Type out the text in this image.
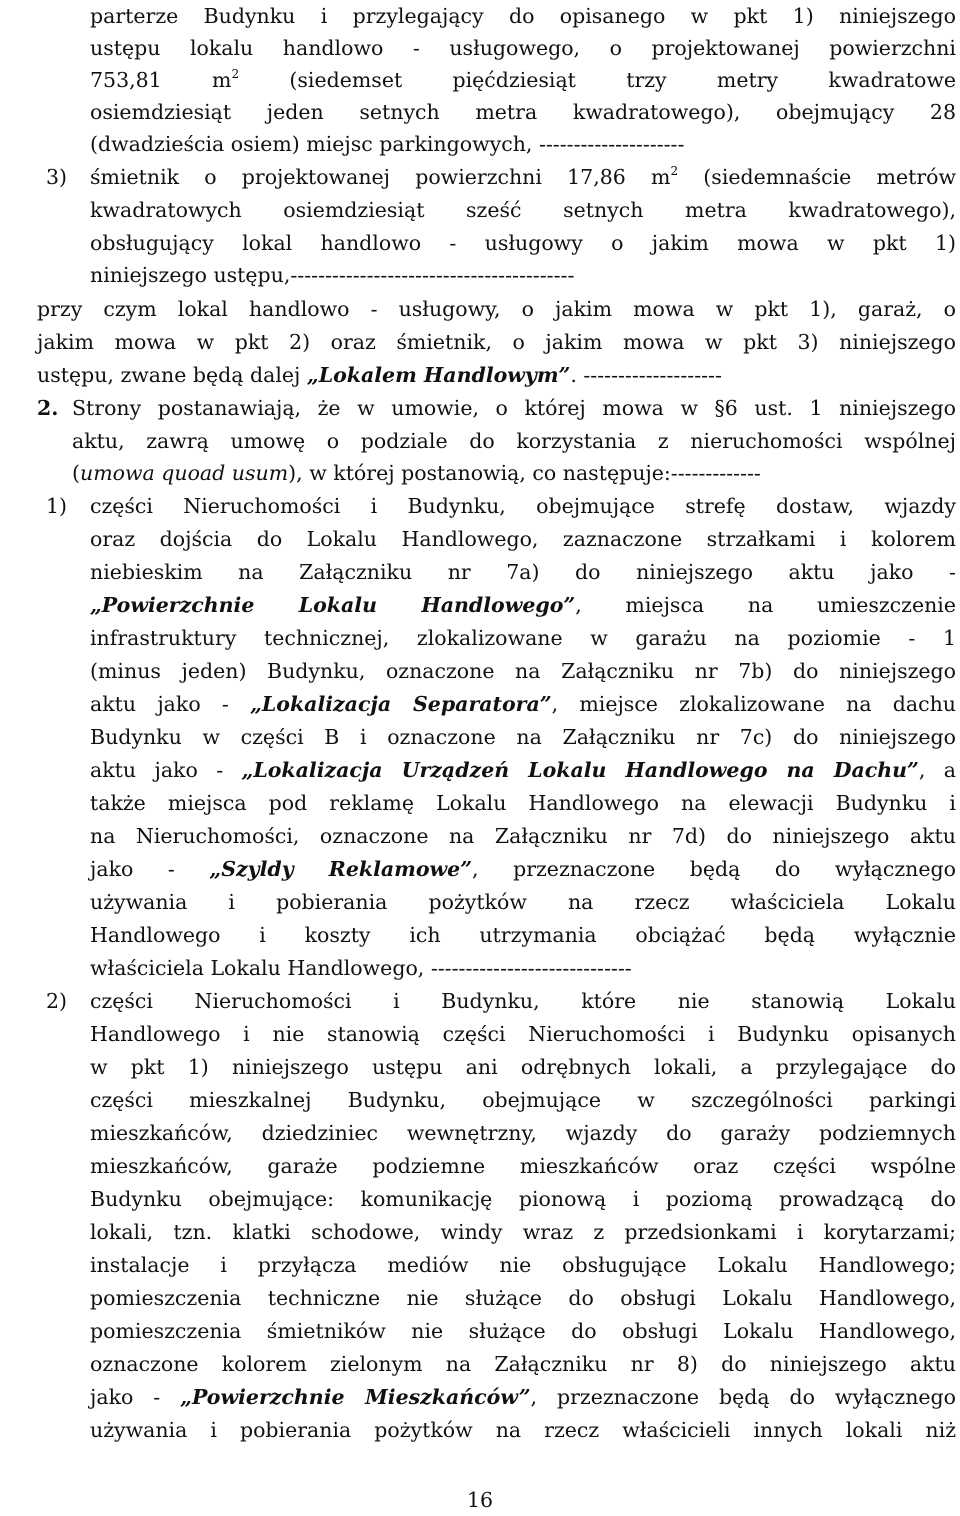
parterze Budynku i przylegający do opisanego w pkt 1) niniejszego
ustępu lokalu handlowo - usługowego, o projektowanej powierzchni
753,81 $m^2$ (siedemset pięćdziesiąt trzy metry kwadratowe
osiemdziesiąt jeden setnych metra kwadratowego), obejmujący 28
(dwadzieścia osiem) miejsc parkingowych, ---------------------
3) śmietnik o projektowanej powierzchni 17,86 $m^2$ (siedemnaście metrów
kwadratowych osiemdziesiąt sześć setnych metra kwadratowego),
obsługujący lokal handlowo - usługowy o jakim mowa w pkt 1)
niniejszego ustępu,-----------------------------------------
przy czym lokal handlowo - usługowy, o jakim mowa w pkt 1), garaż, o
jakim mowa w pkt 2) oraz śmietnik, o jakim mowa w pkt 3) niniejszego
ustępu, zwane będą dalej „Lokalem Handlowym”. --------------------
2. Strony postanawiają, że w umowie, o której mowa w §6 ust. 1 niniejszego
aktu, zawrą umowę o podziale do korzystania z nieruchomości wspólnej
(umowa quoad usum), w której postanowią, co następuje:-------------
1) części Nieruchomości i Budynku, obejmujące strefę dostaw, wjazdy
oraz dojścia do Lokalu Handlowego, zaznaczone strzałkami i kolorem
niebieskim na Załączniku nr 7a) do niniejszego aktu jako -
„Powierzchnie Lokalu Handlowego”, miejsca na umieszczenie
infrastruktury technicznej, zlokalizowane w garażu na poziomie - 1
(minus jeden) Budynku, oznaczone na Załączniku nr 7b) do niniejszego
aktu jako - „Lokalizacja Separatora”, miejsce zlokalizowane na dachu
Budynku w części B i oznaczone na Załączniku nr 7c) do niniejszego
aktu jako - „Lokalizacja Urządzeń Lokalu Handlowego na Dachu”, a
także miejsca pod reklamę Lokalu Handlowego na elewacji Budynku i
na Nieruchomości, oznaczone na Załączniku nr 7d) do niniejszego aktu
jako - „Szyldy Reklamowe”, przeznaczone będą do wyłącznego
używania i pobierania pożytków na rzecz właściciela Lokalu
Handlowego i koszty ich utrzymania obciążać będą wyłącznie
właściciela Lokalu Handlowego, -----------------------------
2) części Nieruchomości i Budynku, które nie stanowią Lokalu
Handlowego i nie stanowią części Nieruchomości i Budynku opisanych
w pkt 1) niniejszego ustępu ani odrębnych lokali, a przylegające do
części mieszkalnej Budynku, obejmujące w szczególności parkingi
mieszkańców, dziedziniec wewnętrzny, wjazdy do garaży podziemnych
mieszkańców, garaże podziemne mieszkańców oraz części wspólne
Budynku obejmujące: komunikację pionową i poziomą prowadzącą do
lokali, tzn. klatki schodowe, windy wraz z przedsionkami i korytarzami;
instalacje i przyłącza mediów nie obsługujące Lokalu Handlowego;
pomieszczenia techniczne nie służące do obsługi Lokalu Handlowego,
pomieszczenia śmietników nie służące do obsługi Lokalu Handlowego,
oznaczone kolorem zielonym na Załączniku nr 8) do niniejszego aktu
jako - „Powierzchnie Mieszkańców”, przeznaczone będą do wyłącznego
używania i pobierania pożytków na rzecz właścicieli innych lokali niż
16
